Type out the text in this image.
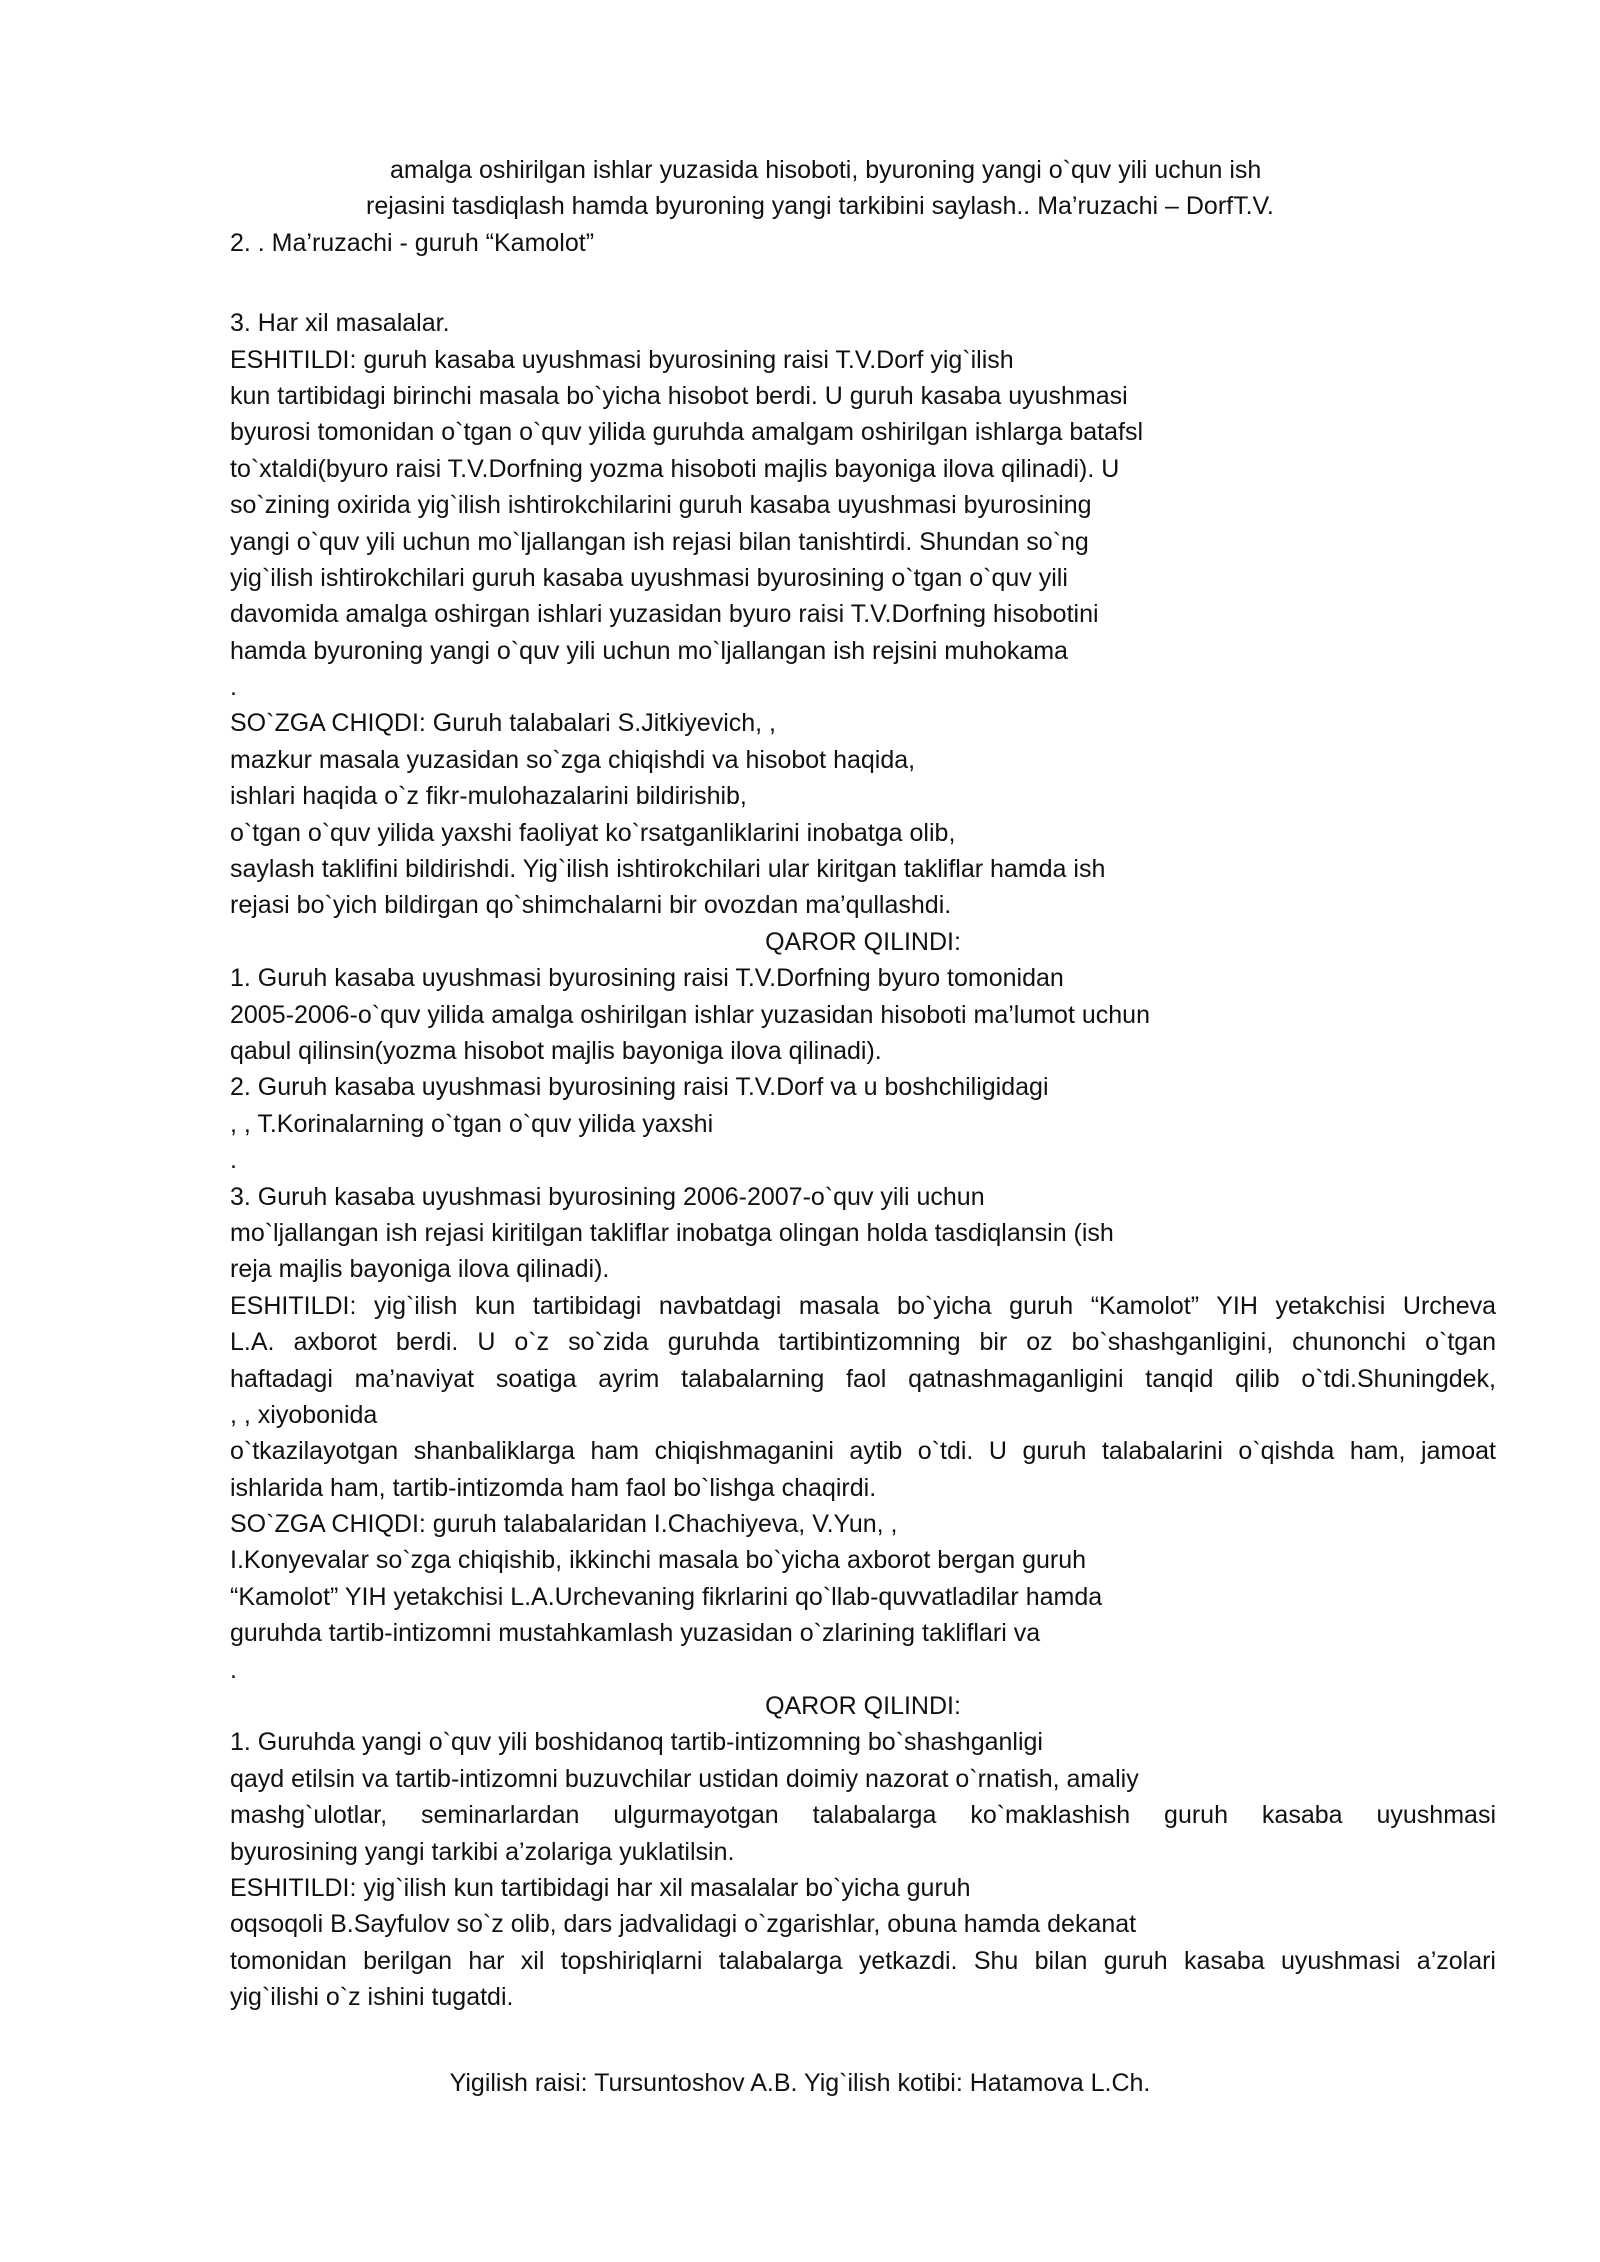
amalga oshirilgan ishlar yuzasida hisoboti, byuroning yangi o`quv yili uchun ish
rejasini tasdiqlash hamda byuroning yangi tarkibini saylash.. Ma’ruzachi – DorfT.V.
2. . Ma’ruzachi - guruh “Kamolot”
3. Har xil masalalar.
ESHITILDI: guruh kasaba uyushmasi byurosining raisi T.V.Dorf yig`ilish
kun tartibidagi birinchi masala bo`yicha hisobot berdi. U guruh kasaba uyushmasi
byurosi tomonidan o`tgan o`quv yilida guruhda amalgam oshirilgan ishlarga batafsl
to`xtaldi(byuro raisi T.V.Dorfning yozma hisoboti majlis bayoniga ilova qilinadi). U
so`zining oxirida yig`ilish ishtirokchilarini guruh kasaba uyushmasi byurosining
yangi o`quv yili uchun mo`ljallangan ish rejasi bilan tanishtirdi. Shundan so`ng
yig`ilish ishtirokchilari guruh kasaba uyushmasi byurosining o`tgan o`quv yili
davomida amalga oshirgan ishlari yuzasidan byuro raisi T.V.Dorfning hisobotini
hamda byuroning yangi o`quv yili uchun mo`ljallangan ish rejsini muhokama
.
SO`ZGA CHIQDI: Guruh talabalari S.Jitkiyevich, ,
mazkur masala yuzasidan so`zga chiqishdi va hisobot haqida,
ishlari haqida o`z fikr-mulohazalarini bildirishib,
o`tgan o`quv yilida yaxshi faoliyat ko`rsatganliklarini inobatga olib,
saylash taklifini bildirishdi. Yig`ilish ishtirokchilari ular kiritgan takliflar hamda ish
rejasi bo`yich bildirgan qo`shimchalarni bir ovozdan ma’qullashdi.
QAROR QILINDI:
1. Guruh kasaba uyushmasi byurosining raisi T.V.Dorfning byuro tomonidan
2005-2006-o`quv yilida amalga oshirilgan ishlar yuzasidan hisoboti ma’lumot uchun
qabul qilinsin(yozma hisobot majlis bayoniga ilova qilinadi).
2. Guruh kasaba uyushmasi byurosining raisi T.V.Dorf va u boshchiligidagi
, , T.Korinalarning o`tgan o`quv yilida yaxshi
.
3. Guruh kasaba uyushmasi byurosining 2006-2007-o`quv yili uchun
mo`ljallangan ish rejasi kiritilgan takliflar inobatga olingan holda tasdiqlansin (ish
reja majlis bayoniga ilova qilinadi).
ESHITILDI: yig`ilish kun tartibidagi navbatdagi masala bo`yicha guruh “Kamolot” YIH yetakchisi Urcheva
L.A. axborot berdi. U o`z so`zida guruhda tartibintizomning bir oz bo`shashganligini, chunonchi o`tgan
haftadagi ma’naviyat soatiga ayrim talabalarning faol qatnashmaganligini tanqid qilib o`tdi.Shuningdek,
, , xiyobonida
o`tkazilayotgan shanbaliklarga ham chiqishmaganini aytib o`tdi. U guruh talabalarini o`qishda ham, jamoat
ishlarida ham, tartib-intizomda ham faol bo`lishga chaqirdi.
SO`ZGA CHIQDI: guruh talabalaridan I.Chachiyeva, V.Yun, ,
I.Konyevalar so`zga chiqishib, ikkinchi masala bo`yicha axborot bergan guruh
“Kamolot” YIH yetakchisi L.A.Urchevaning fikrlarini qo`llab-quvvatladilar hamda
guruhda tartib-intizomni mustahkamlash yuzasidan o`zlarining takliflari va
.
QAROR QILINDI:
1. Guruhda yangi o`quv yili boshidanoq tartib-intizomning bo`shashganligi
qayd etilsin va tartib-intizomni buzuvchilar ustidan doimiy nazorat o`rnatish, amaliy
mashg`ulotlar, seminarlardan ulgurmayotgan talabalarga ko`maklashish guruh kasaba uyushmasi
byurosining yangi tarkibi a’zolariga yuklatilsin.
ESHITILDI: yig`ilish kun tartibidagi har xil masalalar bo`yicha guruh
oqsoqoli B.Sayfulov so`z olib, dars jadvalidagi o`zgarishlar, obuna hamda dekanat
tomonidan berilgan har xil topshiriqlarni talabalarga yetkazdi. Shu bilan guruh kasaba uyushmasi a’zolari
yig`ilishi o`z ishini tugatdi.
Yigilish raisi: Tursuntoshov A.B. Yig`ilish kotibi: Hatamova L.Ch.
